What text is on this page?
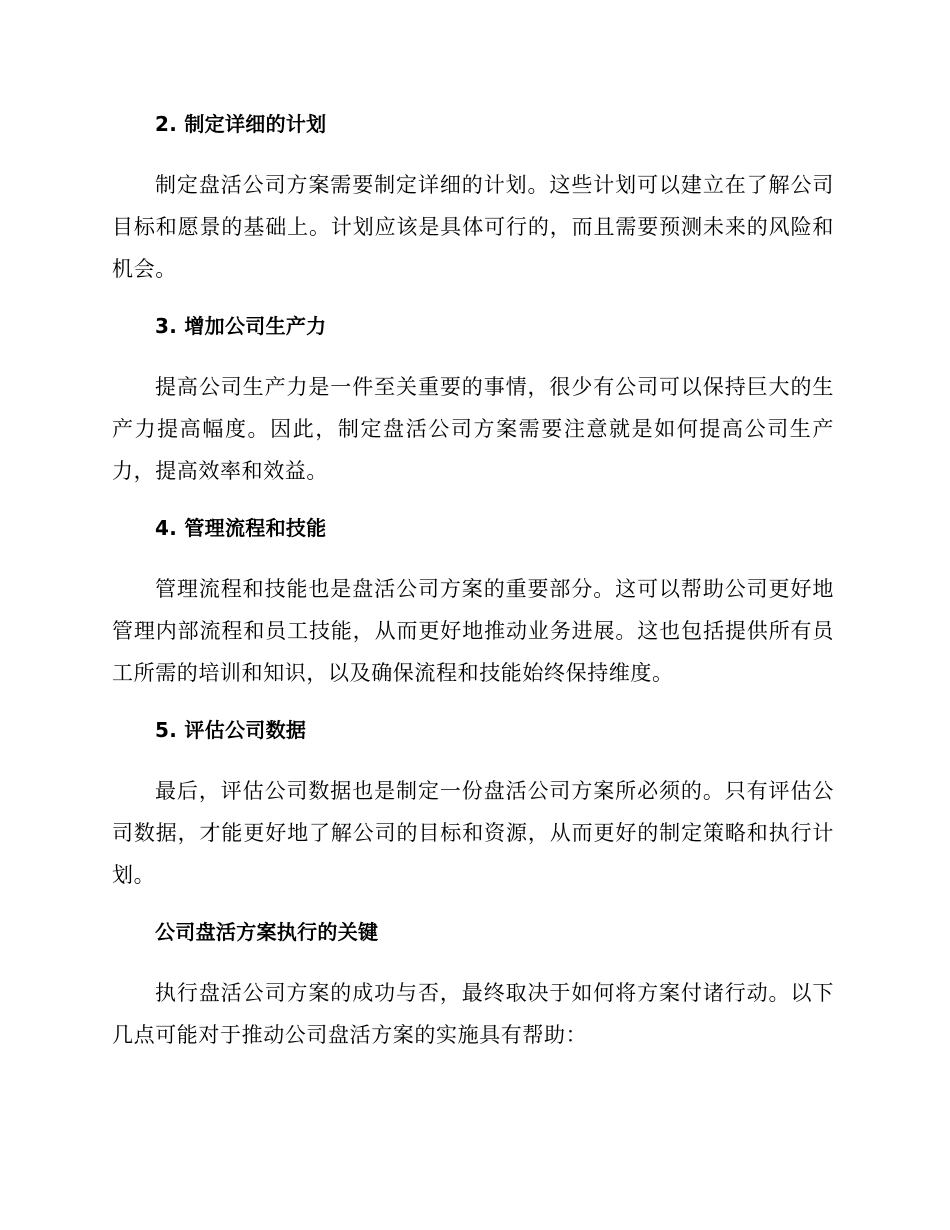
2. 制定详细的计划

制定盘活公司方案需要制定详细的计划。这些计划可以建立在了解公司目标和愿景的基础上。计划应该是具体可行的，而且需要预测未来的风险和机会。

3. 增加公司生产力

提高公司生产力是一件至关重要的事情，很少有公司可以保持巨大的生产力提高幅度。因此，制定盘活公司方案需要注意就是如何提高公司生产力，提高效率和效益。

4. 管理流程和技能

管理流程和技能也是盘活公司方案的重要部分。这可以帮助公司更好地管理内部流程和员工技能，从而更好地推动业务进展。这也包括提供所有员工所需的培训和知识，以及确保流程和技能始终保持维度。

5. 评估公司数据

最后，评估公司数据也是制定一份盘活公司方案所必须的。只有评估公司数据，才能更好地了解公司的目标和资源，从而更好的制定策略和执行计划。

公司盘活方案执行的关键

执行盘活公司方案的成功与否，最终取决于如何将方案付诸行动。以下几点可能对于推动公司盘活方案的实施具有帮助：
